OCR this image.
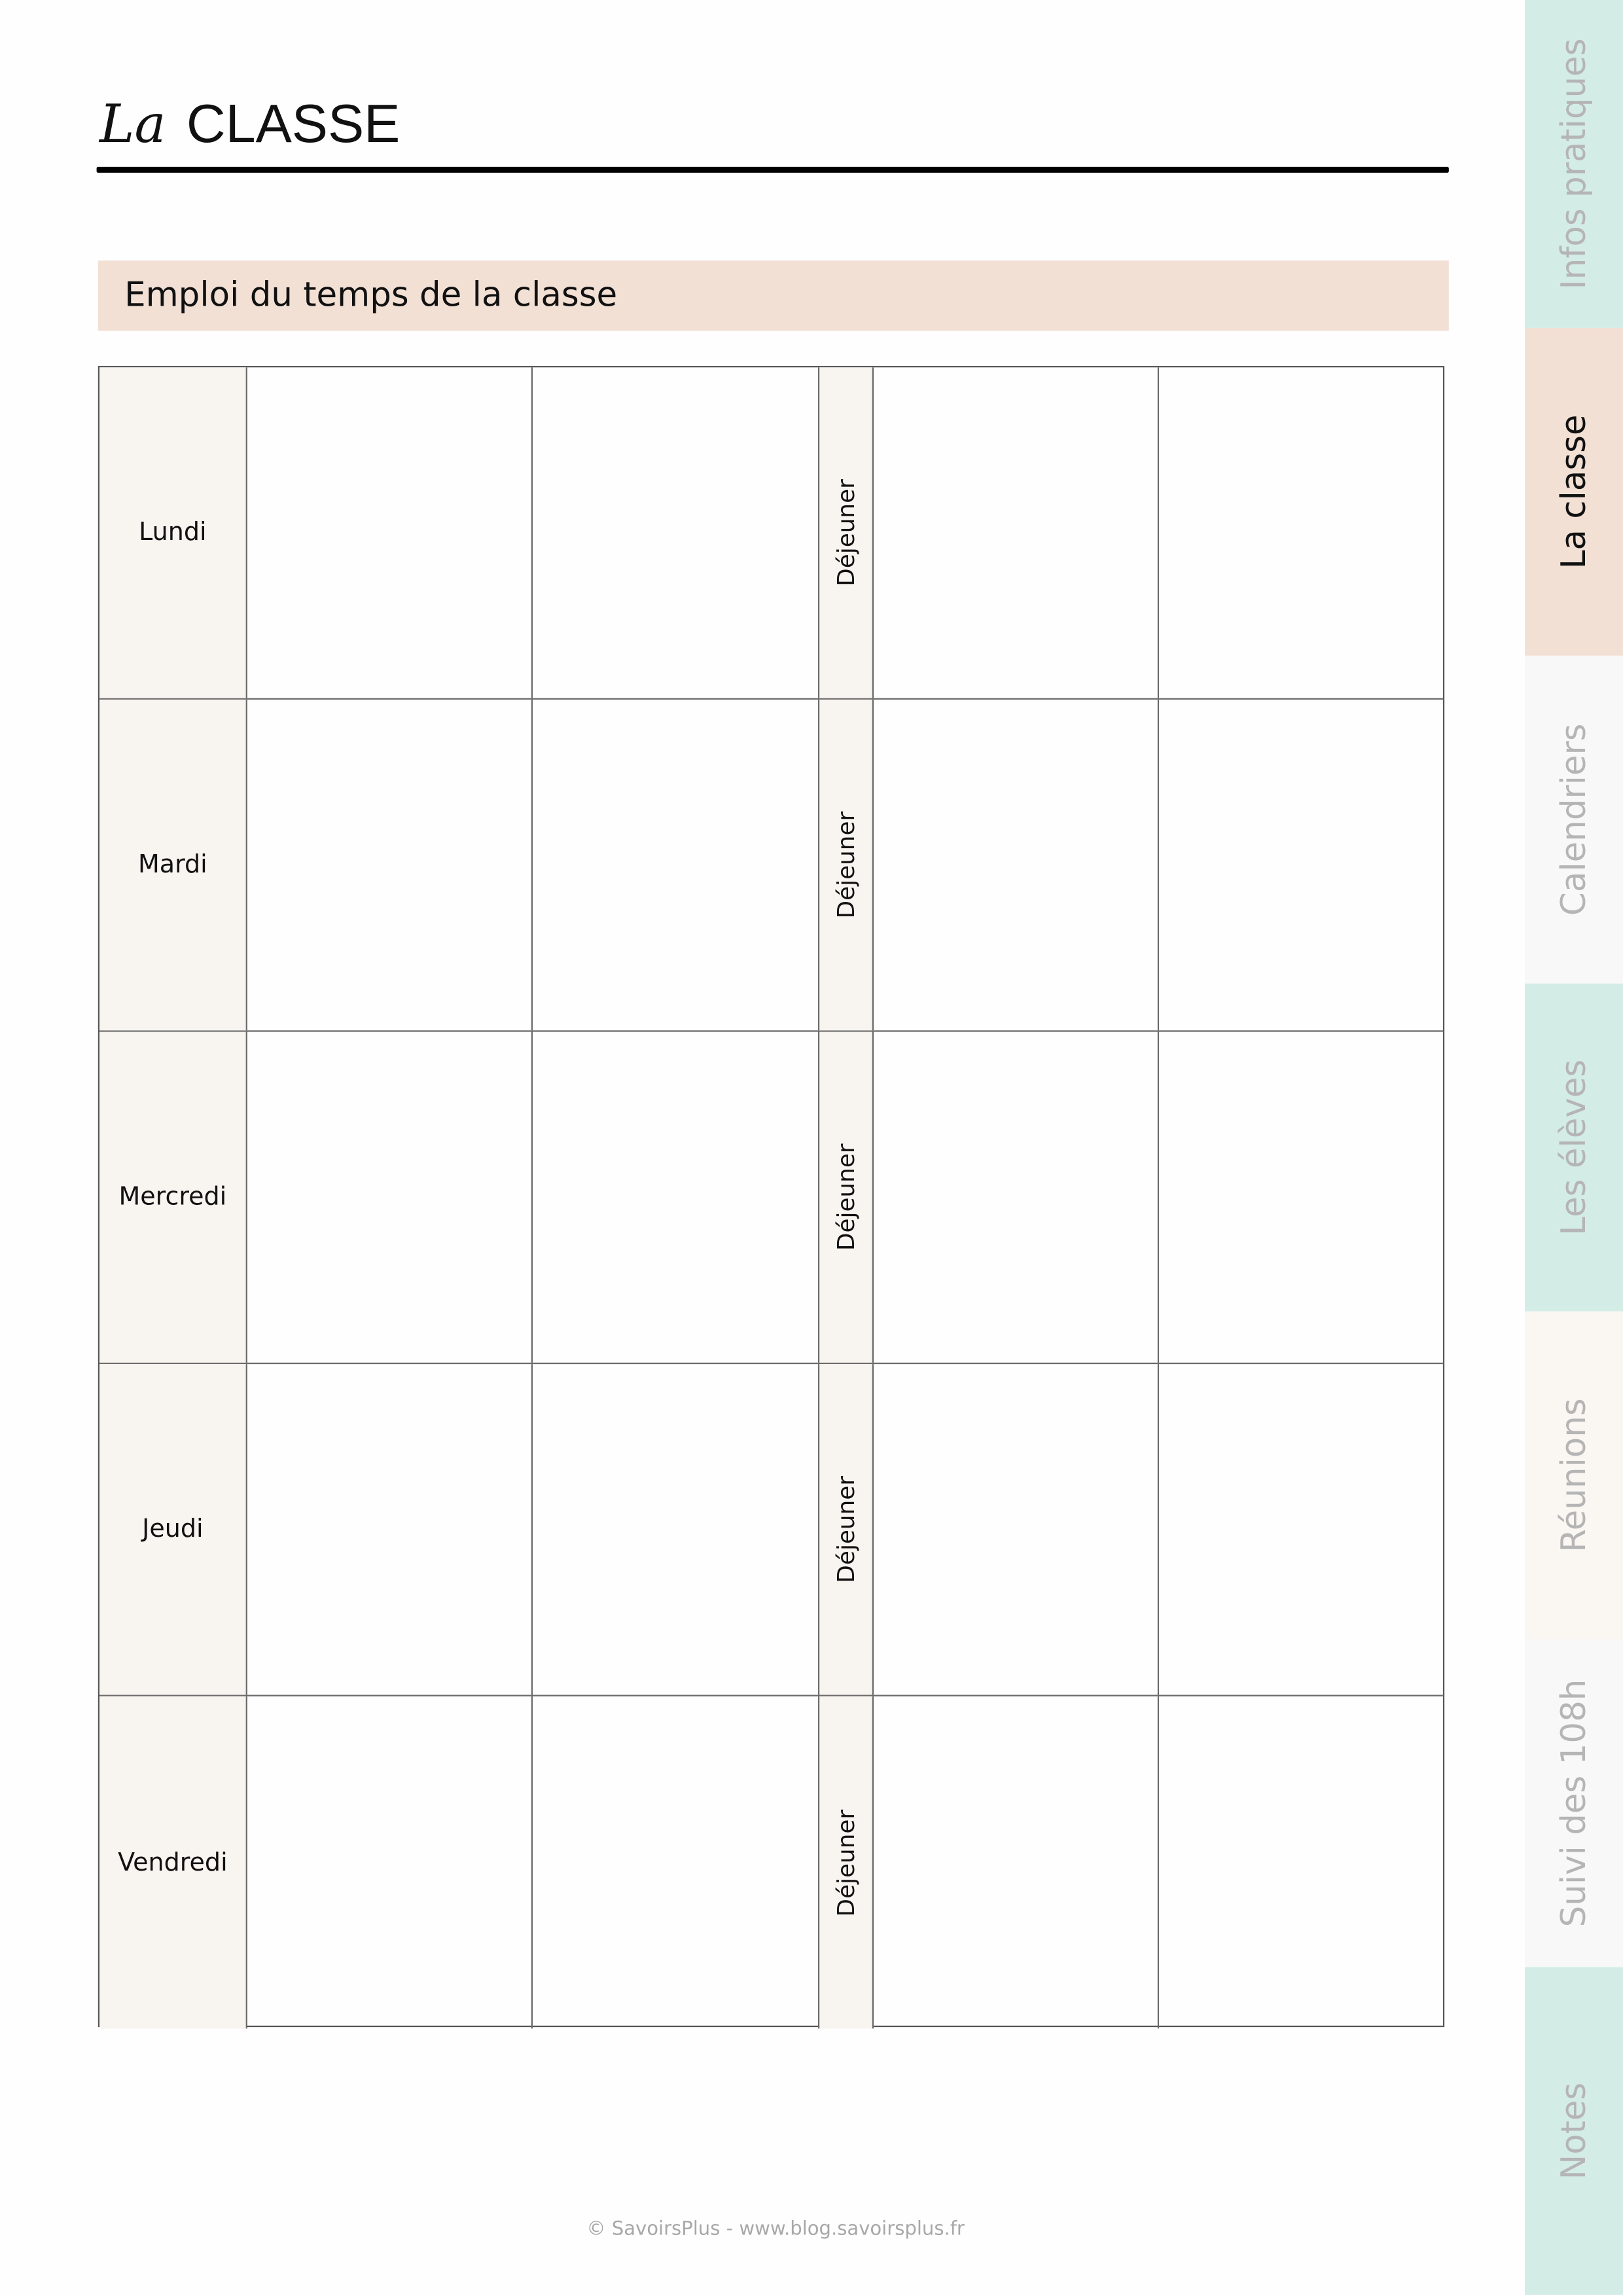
La CLASSE
Emploi du temps de la classe
Lundi	Déjeuner
Mardi	Déjeuner
Mercredi	Déjeuner
Jeudi	Déjeuner
Vendredi	Déjeuner
Infos pratiques
La classe
Calendriers
Les élèves
Réunions
Suivi des 108h
Notes
© SavoirsPlus - www.blog.savoirsplus.fr
